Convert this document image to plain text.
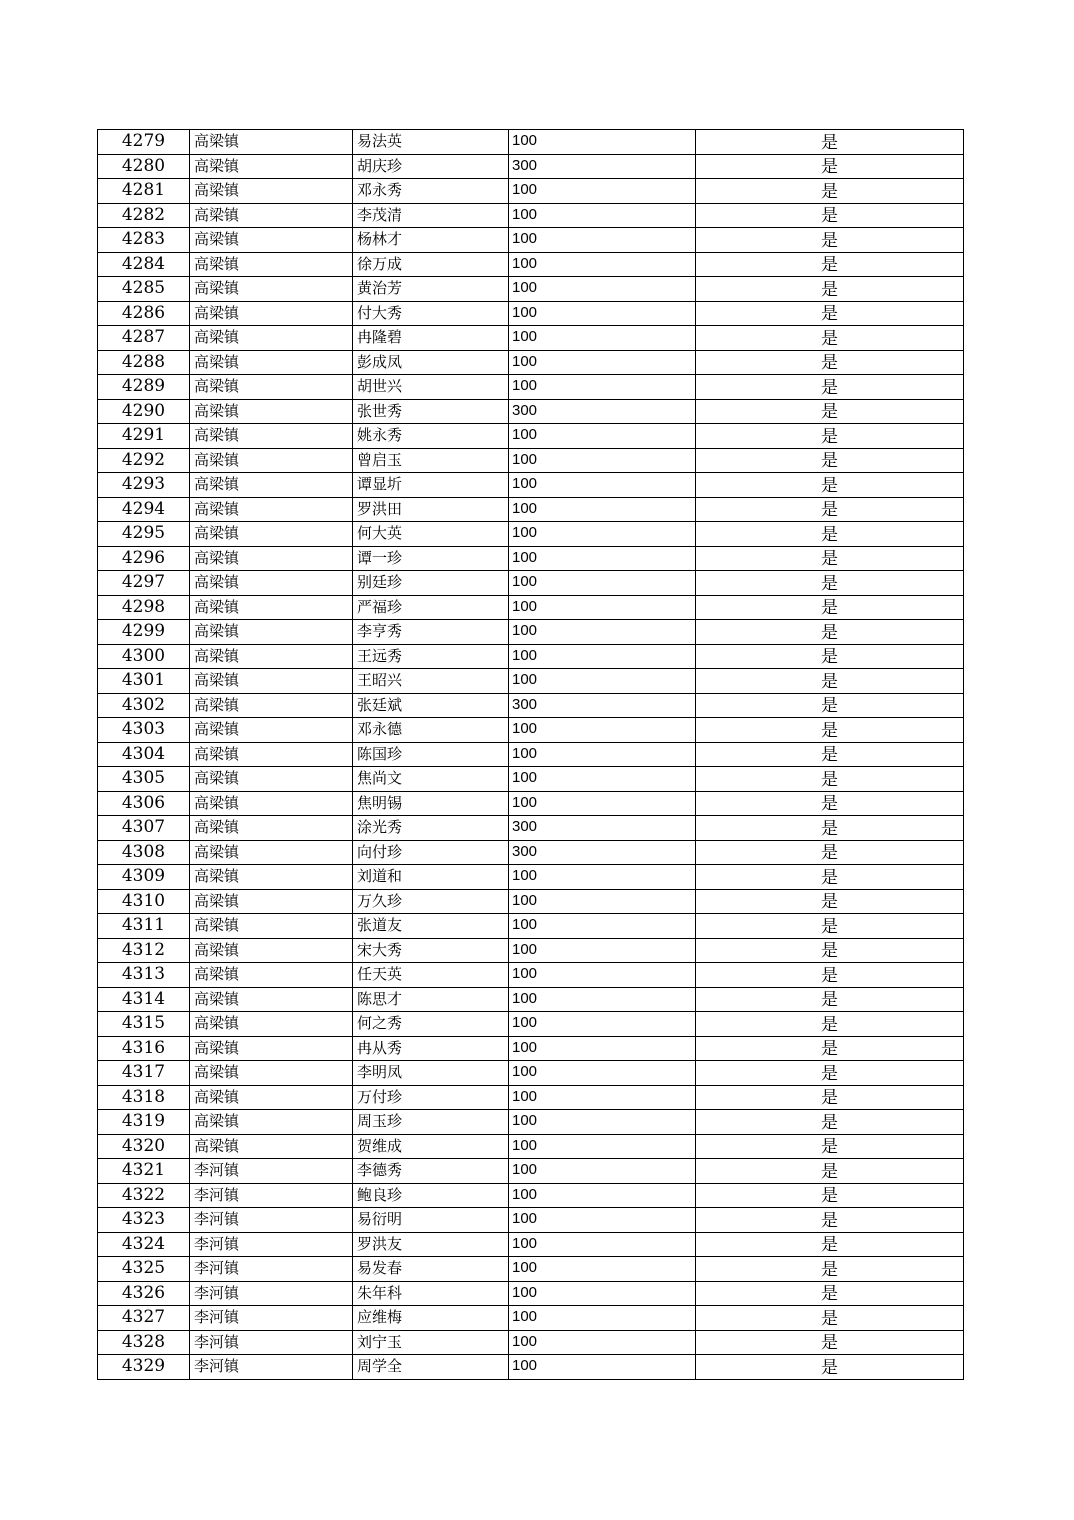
4279	高梁镇	易法英	100	是
4280	高梁镇	胡庆珍	300	是
4281	高梁镇	邓永秀	100	是
4282	高梁镇	李茂清	100	是
4283	高梁镇	杨林才	100	是
4284	高梁镇	徐万成	100	是
4285	高梁镇	黄治芳	100	是
4286	高梁镇	付大秀	100	是
4287	高梁镇	冉隆碧	100	是
4288	高梁镇	彭成凤	100	是
4289	高梁镇	胡世兴	100	是
4290	高梁镇	张世秀	300	是
4291	高梁镇	姚永秀	100	是
4292	高梁镇	曾启玉	100	是
4293	高梁镇	谭显圻	100	是
4294	高梁镇	罗洪田	100	是
4295	高梁镇	何大英	100	是
4296	高梁镇	谭一珍	100	是
4297	高梁镇	别廷珍	100	是
4298	高梁镇	严福珍	100	是
4299	高梁镇	李亨秀	100	是
4300	高梁镇	王远秀	100	是
4301	高梁镇	王昭兴	100	是
4302	高梁镇	张廷斌	300	是
4303	高梁镇	邓永德	100	是
4304	高梁镇	陈国珍	100	是
4305	高梁镇	焦尚文	100	是
4306	高梁镇	焦明锡	100	是
4307	高梁镇	涂光秀	300	是
4308	高梁镇	向付珍	300	是
4309	高梁镇	刘道和	100	是
4310	高梁镇	万久珍	100	是
4311	高梁镇	张道友	100	是
4312	高梁镇	宋大秀	100	是
4313	高梁镇	任天英	100	是
4314	高梁镇	陈思才	100	是
4315	高梁镇	何之秀	100	是
4316	高梁镇	冉从秀	100	是
4317	高梁镇	李明凤	100	是
4318	高梁镇	万付珍	100	是
4319	高梁镇	周玉珍	100	是
4320	高梁镇	贺维成	100	是
4321	李河镇	李德秀	100	是
4322	李河镇	鲍良珍	100	是
4323	李河镇	易衍明	100	是
4324	李河镇	罗洪友	100	是
4325	李河镇	易发春	100	是
4326	李河镇	朱年科	100	是
4327	李河镇	应维梅	100	是
4328	李河镇	刘宁玉	100	是
4329	李河镇	周学全	100	是
